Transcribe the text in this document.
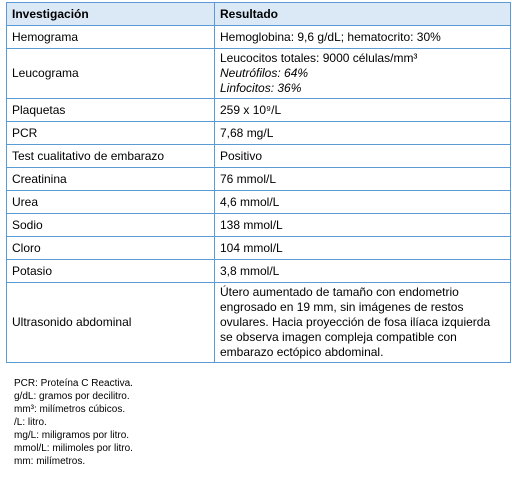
Investigación	Resultado
Hemograma	Hemoglobina: 9,6 g/dL; hematocrito: 30%
Leucograma	Leucocitos totales: 9000 células/mm³
Neutrófilos: 64%
Linfocitos: 36%

Plaquetas	259 x 10⁹/L
PCR	7,68 mg/L
Test cualitativo de embarazo	Positivo
Creatinina	76 mmol/L
Urea	4,6 mmol/L
Sodio	138 mmol/L
Cloro	104 mmol/L
Potasio	3,8 mmol/L
Ultrasonido abdominal	Útero aumentado de tamaño con endometrio engrosado en 19 mm, sin imágenes de restos ovulares. Hacia proyección de fosa ilíaca izquierda se observa imagen compleja compatible con embarazo ectópico abdominal.
PCR: Proteína C Reactiva.
g/dL: gramos por decilitro.
mm³: milímetros cúbicos.
/L: litro.
mg/L: miligramos por litro.
mmol/L: milimoles por litro.
mm: milímetros.
